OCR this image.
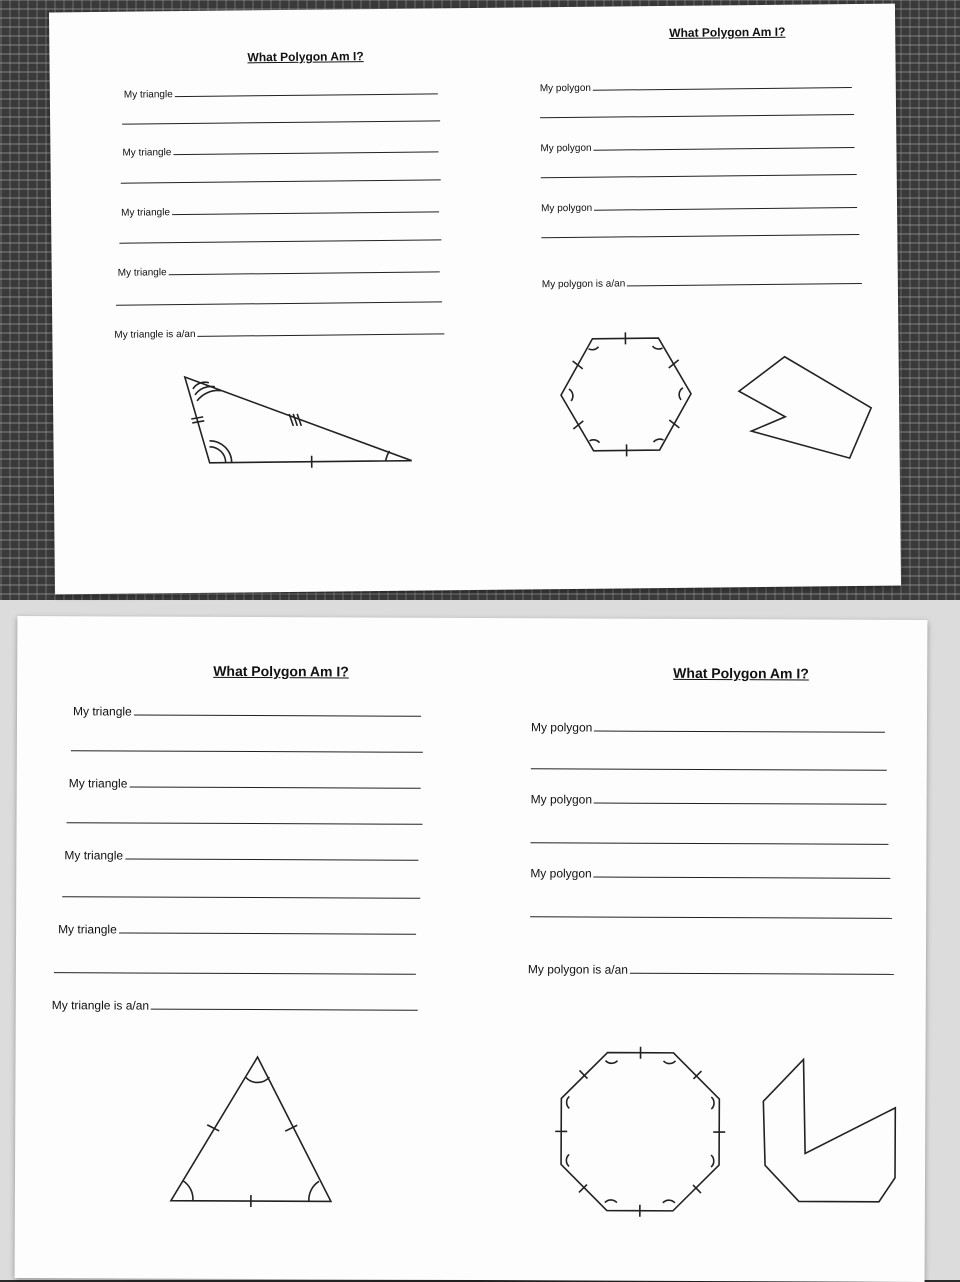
What Polygon Am I?
My triangle
My triangle
My triangle
My triangle
My triangle is a/an
What Polygon Am I?
My polygon
My polygon
My polygon
My polygon is a/an
What Polygon Am I?
My triangle
My triangle
My triangle
My triangle
My triangle is a/an
What Polygon Am I?
My polygon
My polygon
My polygon
My polygon is a/an
